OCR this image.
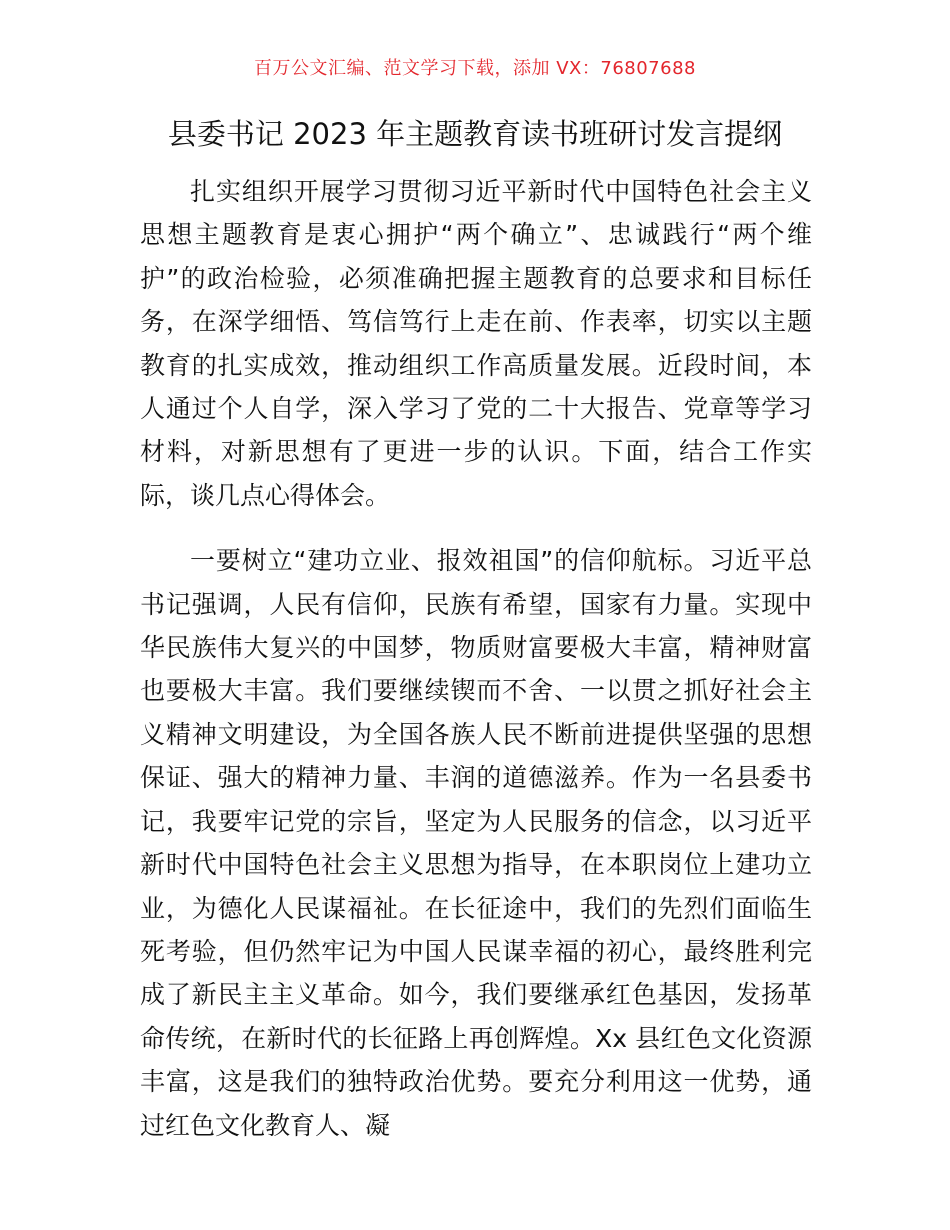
百万公文汇编、范文学习下载，添加 VX：76807688
县委书记 2023 年主题教育读书班研讨发言提纲

扎实组织开展学习贯彻习近平新时代中国特色社会主义思想主题教育是衷心拥护“两个确立”、忠诚践行“两个维护”的政治检验，必须准确把握主题教育的总要求和目标任务，在深学细悟、笃信笃行上走在前、作表率，切实以主题教育的扎实成效，推动组织工作高质量发展。近段时间，本人通过个人自学，深入学习了党的二十大报告、党章等学习材料，对新思想有了更进一步的认识。下面，结合工作实际，谈几点心得体会。

一要树立“建功立业、报效祖国”的信仰航标。习近平总书记强调，人民有信仰，民族有希望，国家有力量。实现中华民族伟大复兴的中国梦，物质财富要极大丰富，精神财富也要极大丰富。我们要继续锲而不舍、一以贯之抓好社会主义精神文明建设，为全国各族人民不断前进提供坚强的思想保证、强大的精神力量、丰润的道德滋养。作为一名县委书记，我要牢记党的宗旨，坚定为人民服务的信念，以习近平新时代中国特色社会主义思想为指导，在本职岗位上建功立业，为德化人民谋福祉。在长征途中，我们的先烈们面临生死考验，但仍然牢记为中国人民谋幸福的初心，最终胜利完成了新民主主义革命。如今，我们要继承红色基因，发扬革命传统，在新时代的长征路上再创辉煌。Xx 县红色文化资源丰富，这是我们的独特政治优势。要充分利用这一优势，通过红色文化教育人、凝
